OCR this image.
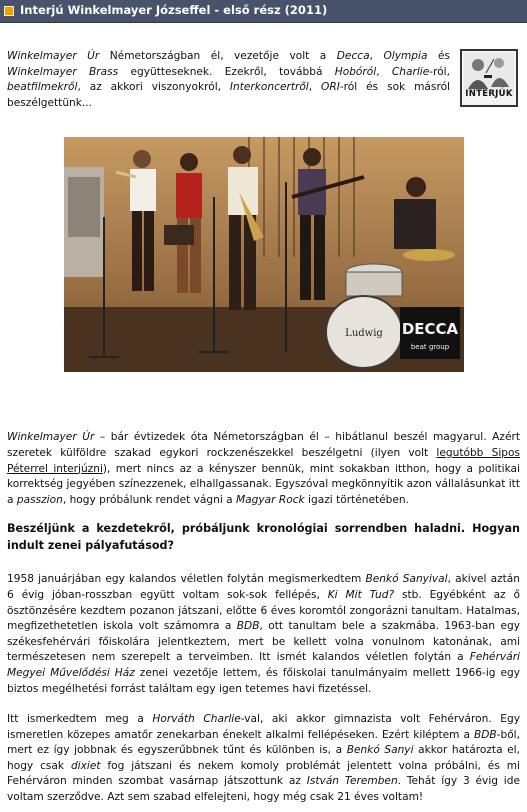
Interjú Winkelmayer Józseffel - első rész (2011)
INTERJÚK

Winkelmayer Úr Németországban él, vezetője volt a Decca, Olympia és Winkelmayer Brass együtteseknek. Ezekről, továbbá Hobóról, Charlie-ról, beatfilmekről, az akkori viszonyokról, Interkoncertről, ORI-ról és sok másról beszélgettünk...

Ludwig DECCA
beat group

Winkelmayer Úr – bár évtizedek óta Németországban él – hibátlanul beszél magyarul. Azért szeretek külföldre szakad egykori rockzenészekkel beszélgetni (ilyen volt legutóbb Sipos Péterrel interjúzni), mert nincs az a kényszer bennük, mint sokakban itthon, hogy a politikai korrektség jegyében színezzenek, elhallgassanak. Egyszóval megkönnyítik azon vállalásunkat itt a passzion, hogy próbálunk rendet vágni a Magyar Rock igazi történetében.

Beszéljünk a kezdetekről, próbáljunk kronológiai sorrendben haladni. Hogyan indult zenei pályafutásod?

1958 januárjában egy kalandos véletlen folytán megismerkedtem Benkó Sanyival, akivel aztán 6 évig jóban-rosszban együtt voltam sok-sok fellépés, Ki Mit Tud? stb. Egyébként az ő ösztönzésére kezdtem pozanon játszani, előtte 6 éves koromtól zongorázni tanultam. Hatalmas, megfizethetetlen iskola volt számomra a BDB, ott tanultam bele a szakmába. 1963-ban egy székesfehérvári főiskolára jelentkeztem, mert be kellett volna vonulnom katonának, ami természetesen nem szerepelt a terveimben. Itt ismét kalandos véletlen folytán a Fehérvári Megyei Művelődési Ház zenei vezetője lettem, és főiskolai tanulmányaim mellett 1966-ig egy biztos megélhetési forrást találtam egy igen tetemes havi fizetéssel.

Itt ismerkedtem meg a Horváth Charlie-val, aki akkor gimnazista volt Fehérváron. Egy ismeretlen közepes amatőr zenekarban énekelt alkalmi fellépéseken. Ezért kiléptem a BDB-ből, mert ez így jobbnak és egyszerűbbnek tűnt és különben is, a Benkó Sanyi akkor határozta el, hogy csak dixiet fog játszani és nekem komoly problémát jelentett volna próbálni, és mi Fehérváron minden szombat vasárnap játszottunk az István Teremben. Tehát így 3 évig ide voltam szerződve. Azt sem szabad elfelejteni, hogy még csak 21 éves voltam!
